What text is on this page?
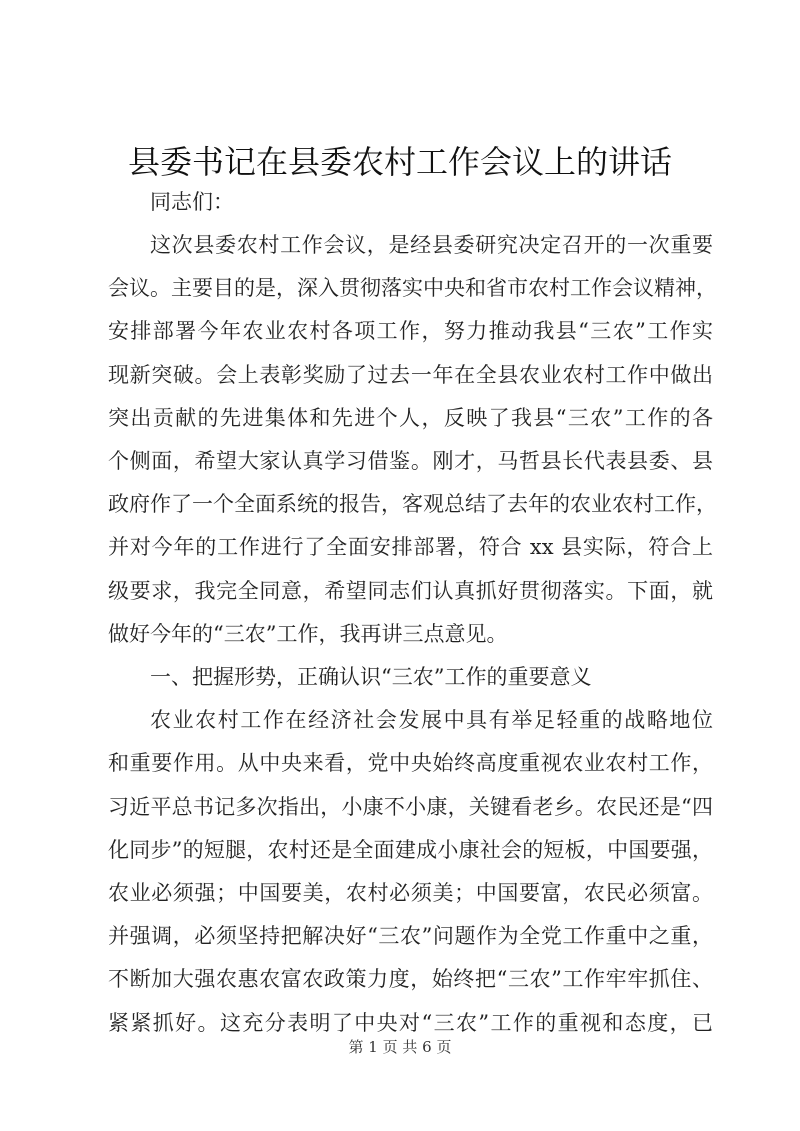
县委书记在县委农村工作会议上的讲话
同志们：
这次县委农村工作会议，是经县委研究决定召开的一次重要
会议。主要目的是，深入贯彻落实中央和省市农村工作会议精神，
安排部署今年农业农村各项工作，努力推动我县“三农”工作实
现新突破。会上表彰奖励了过去一年在全县农业农村工作中做出
突出贡献的先进集体和先进个人，反映了我县“三农”工作的各
个侧面，希望大家认真学习借鉴。刚才，马哲县长代表县委、县
政府作了一个全面系统的报告，客观总结了去年的农业农村工作，
并对今年的工作进行了全面安排部署，符合 xx 县实际，符合上
级要求，我完全同意，希望同志们认真抓好贯彻落实。下面，就
做好今年的“三农”工作，我再讲三点意见。
一、把握形势，正确认识“三农”工作的重要意义
农业农村工作在经济社会发展中具有举足轻重的战略地位
和重要作用。从中央来看，党中央始终高度重视农业农村工作，
习近平总书记多次指出，小康不小康，关键看老乡。农民还是“四
化同步”的短腿，农村还是全面建成小康社会的短板，中国要强，
农业必须强；中国要美，农村必须美；中国要富，农民必须富。
并强调，必须坚持把解决好“三农”问题作为全党工作重中之重，
不断加大强农惠农富农政策力度，始终把“三农”工作牢牢抓住、
紧紧抓好。这充分表明了中央对“三农”工作的重视和态度，已
第 1 页 共 6 页
